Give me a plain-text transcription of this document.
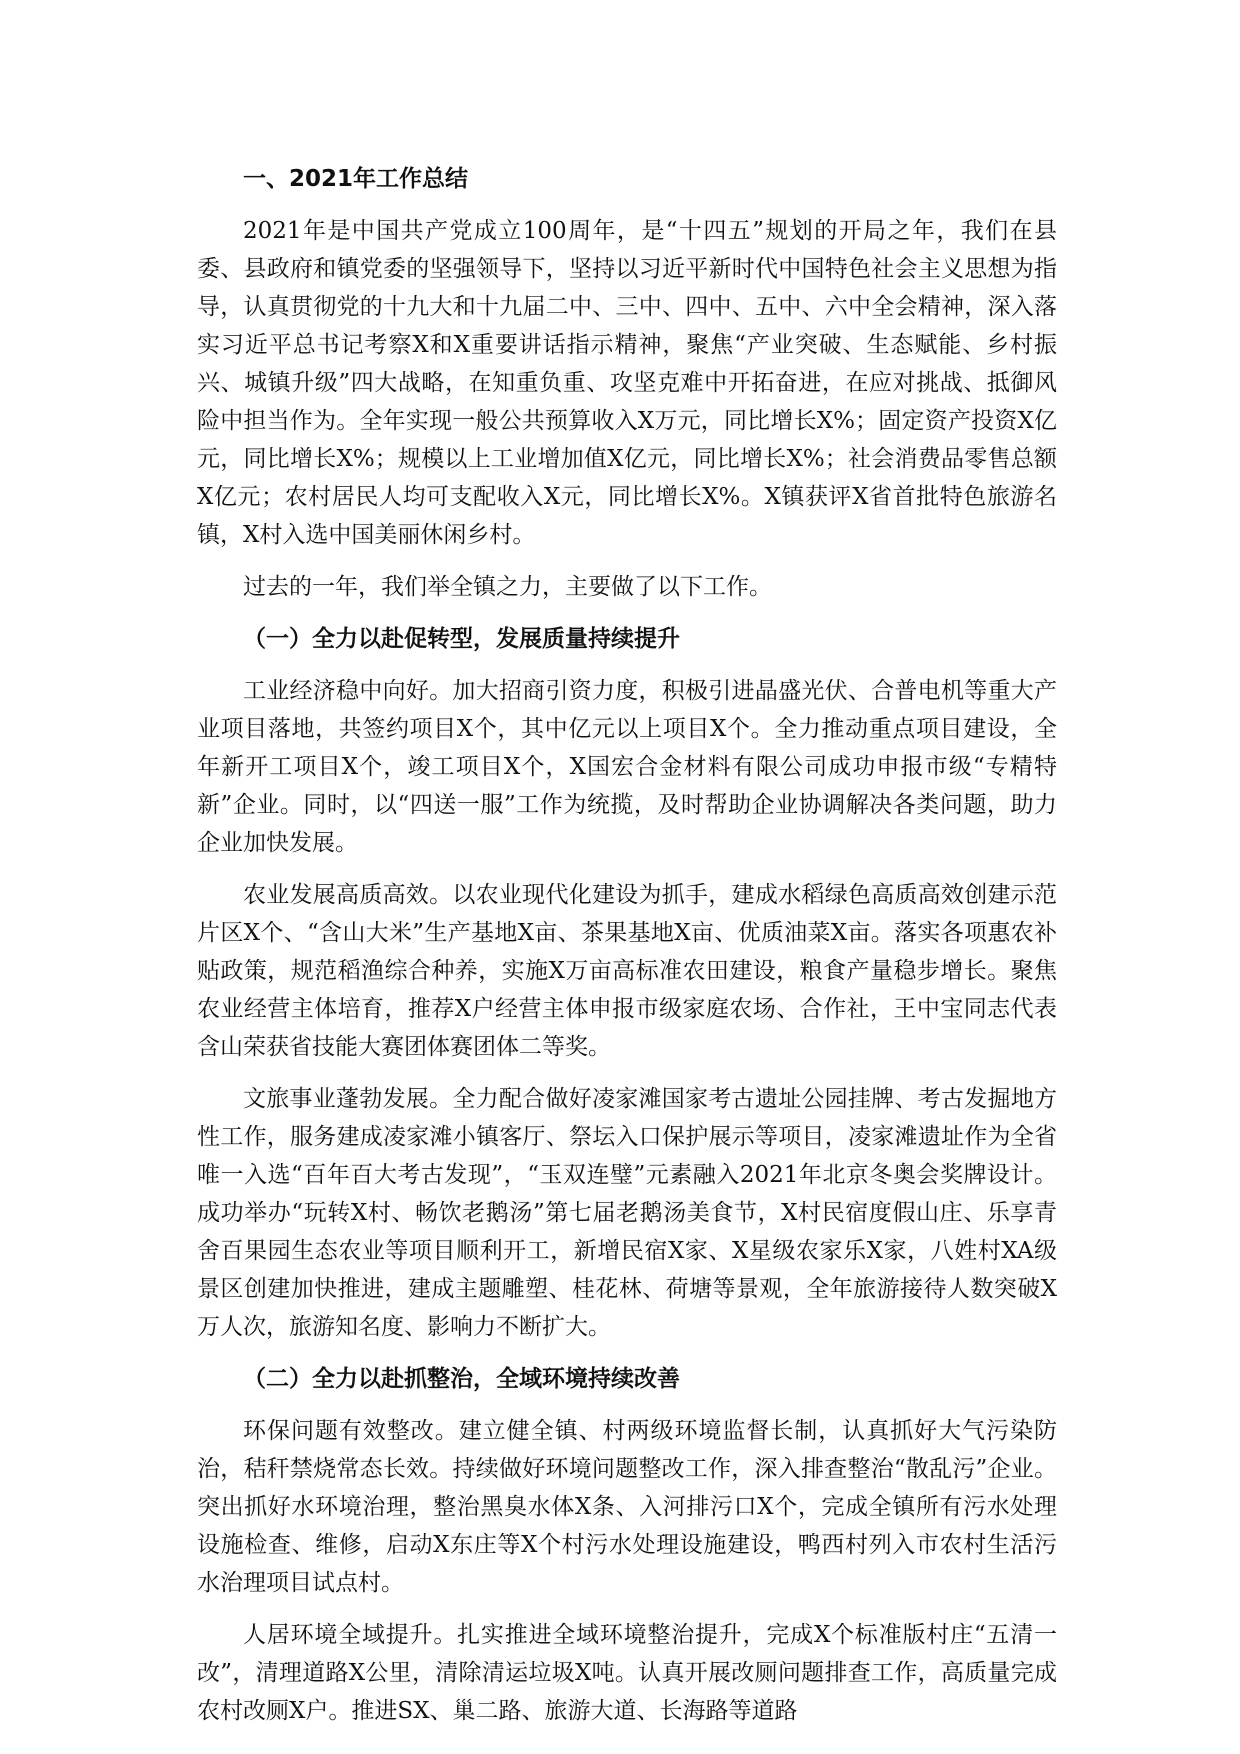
一、2021年工作总结

2021年是中国共产党成立100周年，是“十四五”规划的开局之年，我们在县委、县政府和镇党委的坚强领导下，坚持以习近平新时代中国特色社会主义思想为指导，认真贯彻党的十九大和十九届二中、三中、四中、五中、六中全会精神，深入落实习近平总书记考察X和X重要讲话指示精神，聚焦“产业突破、生态赋能、乡村振兴、城镇升级”四大战略，在知重负重、攻坚克难中开拓奋进，在应对挑战、抵御风险中担当作为。全年实现一般公共预算收入X万元，同比增长X%；固定资产投资X亿元，同比增长X%；规模以上工业增加值X亿元，同比增长X%；社会消费品零售总额X亿元；农村居民人均可支配收入X元，同比增长X%。X镇获评X省首批特色旅游名镇，X村入选中国美丽休闲乡村。

过去的一年，我们举全镇之力，主要做了以下工作。

（一）全力以赴促转型，发展质量持续提升

工业经济稳中向好。加大招商引资力度，积极引进晶盛光伏、合普电机等重大产业项目落地，共签约项目X个，其中亿元以上项目X个。全力推动重点项目建设，全年新开工项目X个，竣工项目X个，X国宏合金材料有限公司成功申报市级“专精特新”企业。同时，以“四送一服”工作为统揽，及时帮助企业协调解决各类问题，助力企业加快发展。

农业发展高质高效。以农业现代化建设为抓手，建成水稻绿色高质高效创建示范片区X个、“含山大米”生产基地X亩、茶果基地X亩、优质油菜X亩。落实各项惠农补贴政策，规范稻渔综合种养，实施X万亩高标准农田建设，粮食产量稳步增长。聚焦农业经营主体培育，推荐X户经营主体申报市级家庭农场、合作社，王中宝同志代表含山荣获省技能大赛团体赛团体二等奖。

文旅事业蓬勃发展。全力配合做好凌家滩国家考古遗址公园挂牌、考古发掘地方性工作，服务建成凌家滩小镇客厅、祭坛入口保护展示等项目，凌家滩遗址作为全省唯一入选“百年百大考古发现”，“玉双连璧”元素融入2021年北京冬奥会奖牌设计。成功举办“玩转X村、畅饮老鹅汤”第七届老鹅汤美食节，X村民宿度假山庄、乐享青舍百果园生态农业等项目顺利开工，新增民宿X家、X星级农家乐X家，八姓村XA级景区创建加快推进，建成主题雕塑、桂花林、荷塘等景观，全年旅游接待人数突破X万人次，旅游知名度、影响力不断扩大。

（二）全力以赴抓整治，全域环境持续改善

环保问题有效整改。建立健全镇、村两级环境监督长制，认真抓好大气污染防治，秸秆禁烧常态长效。持续做好环境问题整改工作，深入排查整治“散乱污”企业。突出抓好水环境治理，整治黑臭水体X条、入河排污口X个，完成全镇所有污水处理设施检查、维修，启动X东庄等X个村污水处理设施建设，鸭西村列入市农村生活污水治理项目试点村。

人居环境全域提升。扎实推进全域环境整治提升，完成X个标准版村庄“五清一改”，清理道路X公里，清除清运垃圾X吨。认真开展改厕问题排查工作，高质量完成农村改厕X户。推进SX、巢二路、旅游大道、长海路等道路
